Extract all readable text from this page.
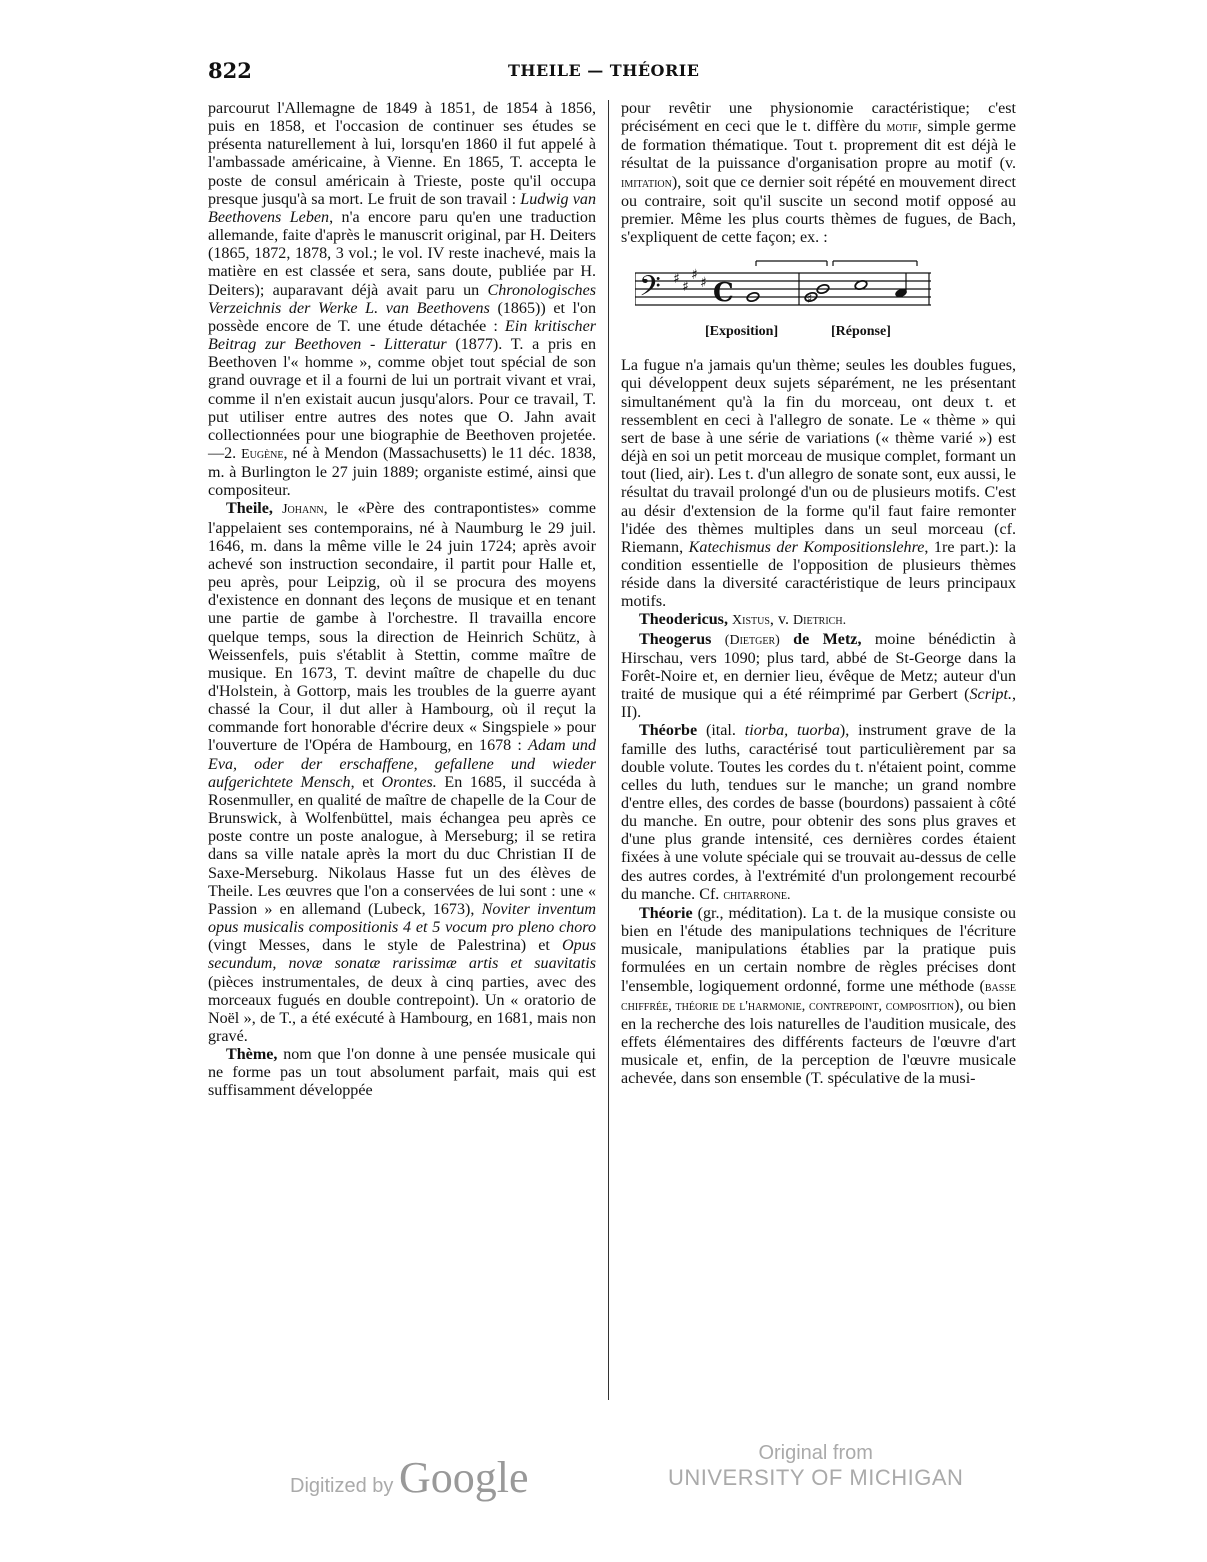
822	THEILE — THÉORIE

parcourut l'Allemagne de 1849 à 1851, de 1854 à 1856, puis en 1858, et l'occasion de continuer ses études se présenta naturellement à lui, lorsqu'en 1860 il fut appelé à l'ambassade américaine, à Vienne. En 1865, T. accepta le poste de consul américain à Trieste, poste qu'il occupa presque jusqu'à sa mort. Le fruit de son travail : Ludwig van Beethovens Leben, n'a encore paru qu'en une traduction allemande, faite d'après le manuscrit original, par H. Deiters (1865, 1872, 1878, 3 vol.; le vol. IV reste inachevé, mais la matière en est classée et sera, sans doute, publiée par H. Deiters); auparavant déjà avait paru un Chronologisches Verzeichnis der Werke L. van Beethovens (1865)) et l'on possède encore de T. une étude détachée : Ein kritischer Beitrag zur Beethoven - Litteratur (1877). T. a pris en Beethoven l'« homme », comme objet tout spécial de son grand ouvrage et il a fourni de lui un portrait vivant et vrai, comme il n'en existait aucun jusqu'alors. Pour ce travail, T. put utiliser entre autres des notes que O. Jahn avait collectionnées pour une biographie de Beethoven projetée. —2. Eugène, né à Mendon (Massachusetts) le 11 déc. 1838, m. à Burlington le 27 juin 1889; organiste estimé, ainsi que compositeur.

Theile, Johann, le «Père des contrapontistes» comme l'appelaient ses contemporains, né à Naumburg le 29 juil. 1646, m. dans la même ville le 24 juin 1724; après avoir achevé son instruction secondaire, il partit pour Halle et, peu après, pour Leipzig, où il se procura des moyens d'existence en donnant des leçons de musique et en tenant une partie de gambe à l'orchestre. Il travailla encore quelque temps, sous la direction de Heinrich Schütz, à Weissenfels, puis s'établit à Stettin, comme maître de musique. En 1673, T. devint maître de chapelle du duc d'Holstein, à Gottorp, mais les troubles de la guerre ayant chassé la Cour, il dut aller à Hambourg, où il reçut la commande fort honorable d'écrire deux « Singspiele » pour l'ouverture de l'Opéra de Hambourg, en 1678 : Adam und Eva, oder der erschaffene, gefallene und wieder aufgerichtete Mensch, et Orontes. En 1685, il succéda à Rosenmuller, en qualité de maître de chapelle de la Cour de Brunswick, à Wolfenbüttel, mais échangea peu après ce poste contre un poste analogue, à Merseburg; il se retira dans sa ville natale après la mort du duc Christian II de Saxe-Merseburg. Nikolaus Hasse fut un des élèves de Theile. Les œuvres que l'on a conservées de lui sont : une « Passion » en allemand (Lubeck, 1673), Noviter inventum opus musicalis compositionis 4 et 5 vocum pro pleno choro (vingt Messes, dans le style de Palestrina) et Opus secundum, novæ sonatæ rarissimæ artis et suavitatis (pièces instrumentales, de deux à cinq parties, avec des morceaux fugués en double contrepoint). Un « oratorio de Noël », de T., a été exécuté à Hambourg, en 1681, mais non gravé.

Thème, nom que l'on donne à une pensée musicale qui ne forme pas un tout absolument parfait, mais qui est suffisamment développée

pour revêtir une physionomie caractéristique; c'est précisément en ceci que le t. diffère du motif, simple germe de formation thématique. Tout t. proprement dit est déjà le résultat de la puissance d'organisation propre au motif (v. imitation), soit que ce dernier soit répété en mouvement direct ou contraire, soit qu'il suscite un second motif opposé au premier. Même les plus courts thèmes de fugues, de Bach, s'expliquent de cette façon; ex. :

𝄢 ♯ ♯
♯ ♯ C	♯
[Exposition]	[Réponse]

La fugue n'a jamais qu'un thème; seules les doubles fugues, qui développent deux sujets séparément, ne les présentant simultanément qu'à la fin du morceau, ont deux t. et ressemblent en ceci à l'allegro de sonate. Le « thème » qui sert de base à une série de variations (« thème varié ») est déjà en soi un petit morceau de musique complet, formant un tout (lied, air). Les t. d'un allegro de sonate sont, eux aussi, le résultat du travail prolongé d'un ou de plusieurs motifs. C'est au désir d'extension de la forme qu'il faut faire remonter l'idée des thèmes multiples dans un seul morceau (cf. Riemann, Katechismus der Kompositionslehre, 1re part.): la condition essentielle de l'opposition de plusieurs thèmes réside dans la diversité caractéristique de leurs principaux motifs.

Theodericus, Xistus, v. Dietrich.

Theogerus (Dietger) de Metz, moine bénédictin à Hirschau, vers 1090; plus tard, abbé de St-George dans la Forêt-Noire et, en dernier lieu, évêque de Metz; auteur d'un traité de musique qui a été réimprimé par Gerbert (Script., II).

Théorbe (ital. tiorba, tuorba), instrument grave de la famille des luths, caractérisé tout particulièrement par sa double volute. Toutes les cordes du t. n'étaient point, comme celles du luth, tendues sur le manche; un grand nombre d'entre elles, des cordes de basse (bourdons) passaient à côté du manche. En outre, pour obtenir des sons plus graves et d'une plus grande intensité, ces dernières cordes étaient fixées à une volute spéciale qui se trouvait au-dessus de celle des autres cordes, à l'extrémité d'un prolongement recourbé du manche. Cf. chitarrone.

Théorie (gr., méditation). La t. de la musique consiste ou bien en l'étude des manipulations techniques de l'écriture musicale, manipulations établies par la pratique puis formulées en un certain nombre de règles précises dont l'ensemble, logiquement ordonné, forme une méthode (basse chiffrée, théorie de l'harmonie, contrepoint, composition), ou bien en la recherche des lois naturelles de l'audition musicale, des effets élémentaires des différents facteurs de l'œuvre d'art musicale et, enfin, de la perception de l'œuvre musicale achevée, dans son ensemble (T. spéculative de la musi-

Digitized by Google	Original from
UNIVERSITY OF MICHIGAN
